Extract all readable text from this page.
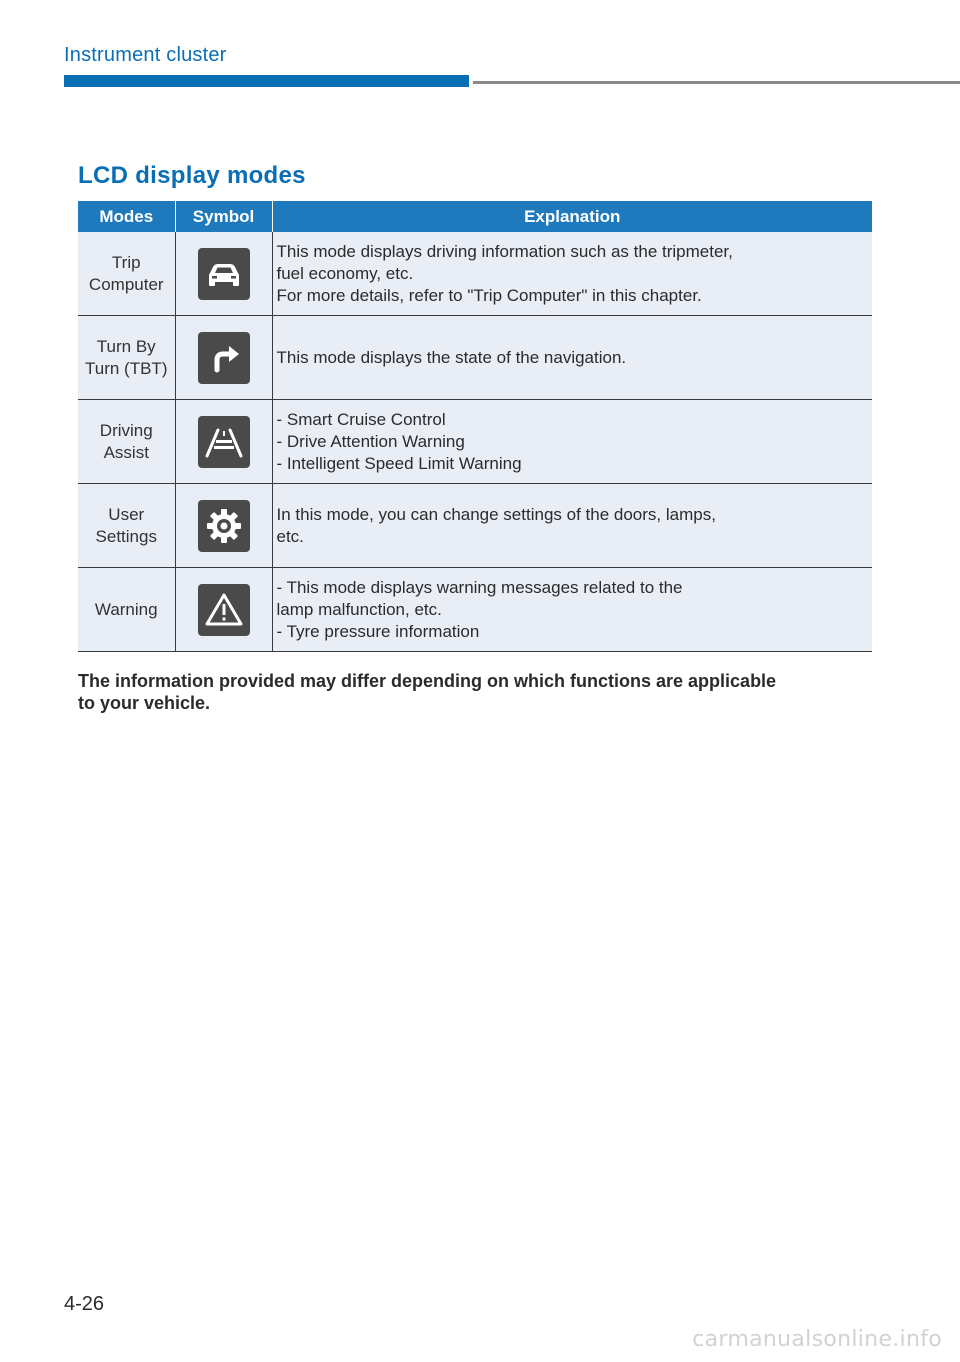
Instrument cluster
LCD display modes
Modes	Symbol	Explanation

Trip
Computer		This mode displays driving information such as the tripmeter,
fuel economy, etc.
For more details, refer to "Trip Computer" in this chapter.

Turn By
Turn (TBT)		This mode displays the state of the navigation.

Driving
Assist		- Smart Cruise Control
- Drive Attention Warning
- Intelligent Speed Limit Warning

User
Settings		In this mode, you can change settings of the doors, lamps,
etc.

Warning		- This mode displays warning messages related to the
lamp malfunction, etc.
- Tyre pressure information
The information provided may differ depending on which functions are applicable
to your vehicle.
4-26
carmanualsonline.info
